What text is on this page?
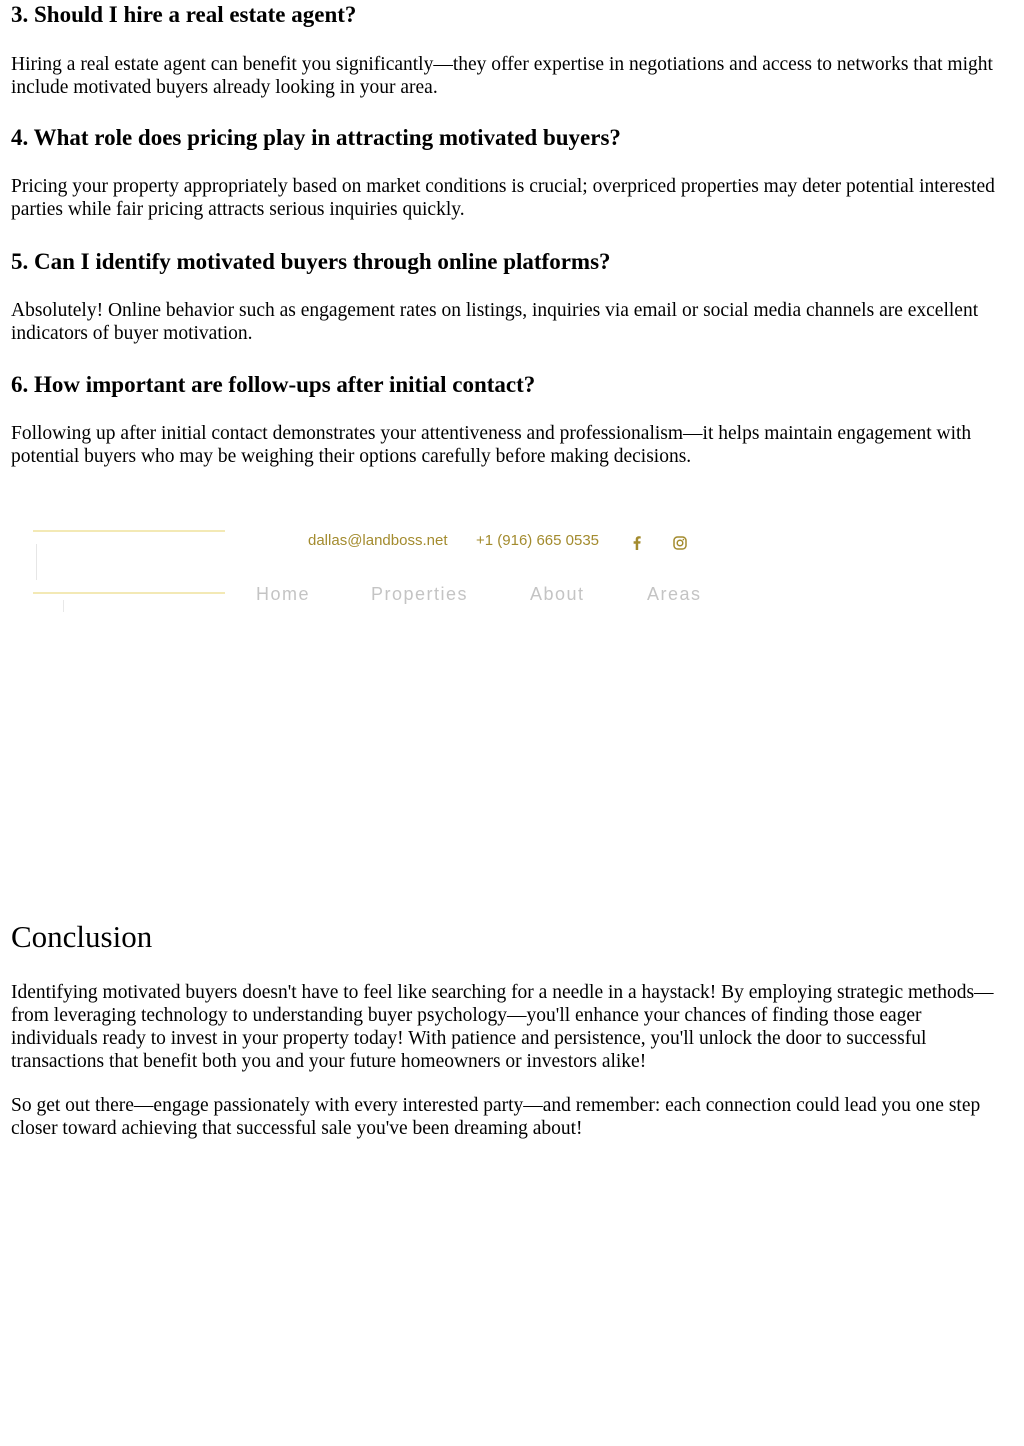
3. Should I hire a real estate agent?

Hiring a real estate agent can benefit you significantly—they offer expertise in negotiations and access to networks that might include motivated buyers already looking in your area.

4. What role does pricing play in attracting motivated buyers?

Pricing your property appropriately based on market conditions is crucial; overpriced properties may deter potential interested parties while fair pricing attracts serious inquiries quickly.

5. Can I identify motivated buyers through online platforms?

Absolutely! Online behavior such as engagement rates on listings, inquiries via email or social media channels are excellent indicators of buyer motivation.

6. How important are follow-ups after initial contact?

Following up after initial contact demonstrates your attentiveness and professionalism—it helps maintain engagement with potential buyers who may be weighing their options carefully before making decisions.

dallas@landboss.net +1 (916) 665 0535
Home	Properties	About	Areas
Conclusion

Identifying motivated buyers doesn't have to feel like searching for a needle in a haystack! By employing strategic methods—from leveraging technology to understanding buyer psychology—you'll enhance your chances of finding those eager individuals ready to invest in your property today! With patience and persistence, you'll unlock the door to successful transactions that benefit both you and your future homeowners or investors alike!

So get out there—engage passionately with every interested party—and remember: each connection could lead you one step closer toward achieving that successful sale you've been dreaming about!
